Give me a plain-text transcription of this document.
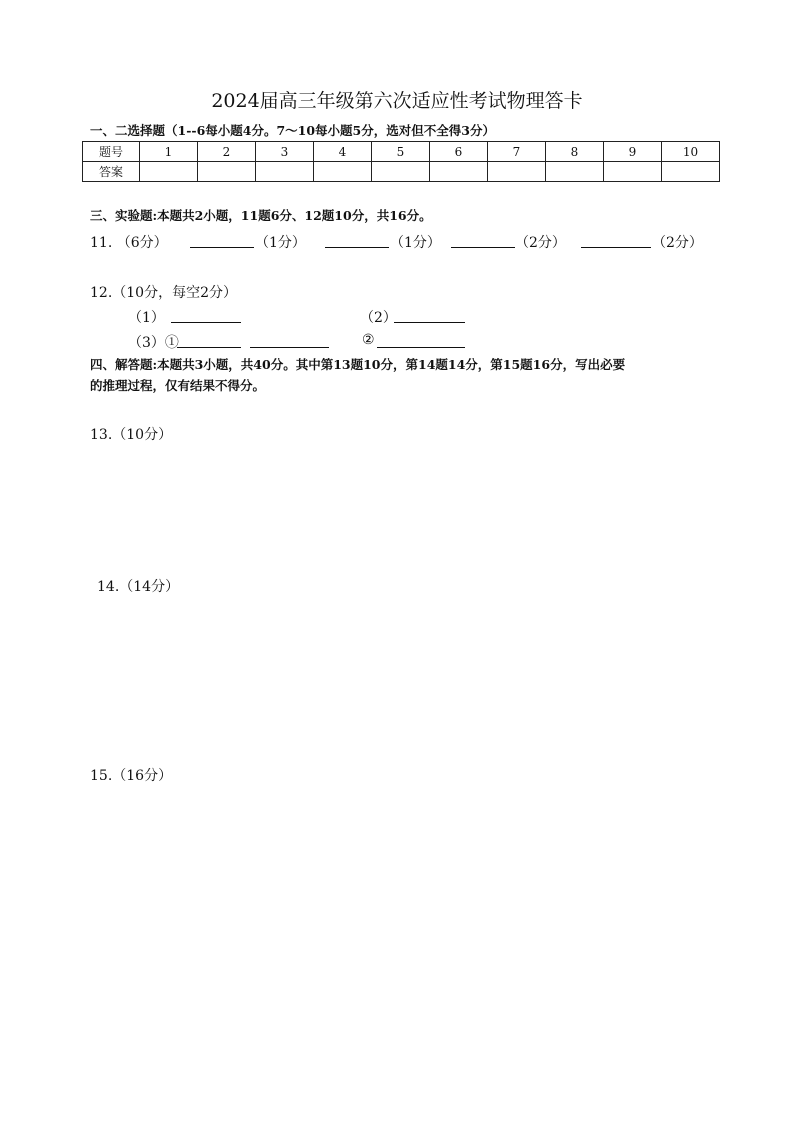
2024届高三年级第六次适应性考试物理答卡
一、二选择题（1--6每小题4分。7～10每小题5分，选对但不全得3分）
题号	1	2	3	4	5	6	7	8	9	10
答案										
三、实验题:本题共2小题，11题6分、12题10分，共16分。
11. （6分）	（1分）	（1分）	（2分）	（2分）
12.（10分，每空2分）
（1）	（2）
（3）①	②
四、解答题:本题共3小题，共40分。其中第13题10分，第14题14分，第15题16分，写出必要
的推理过程，仅有结果不得分。
13.（10分）
14.（14分）
15.（16分）
